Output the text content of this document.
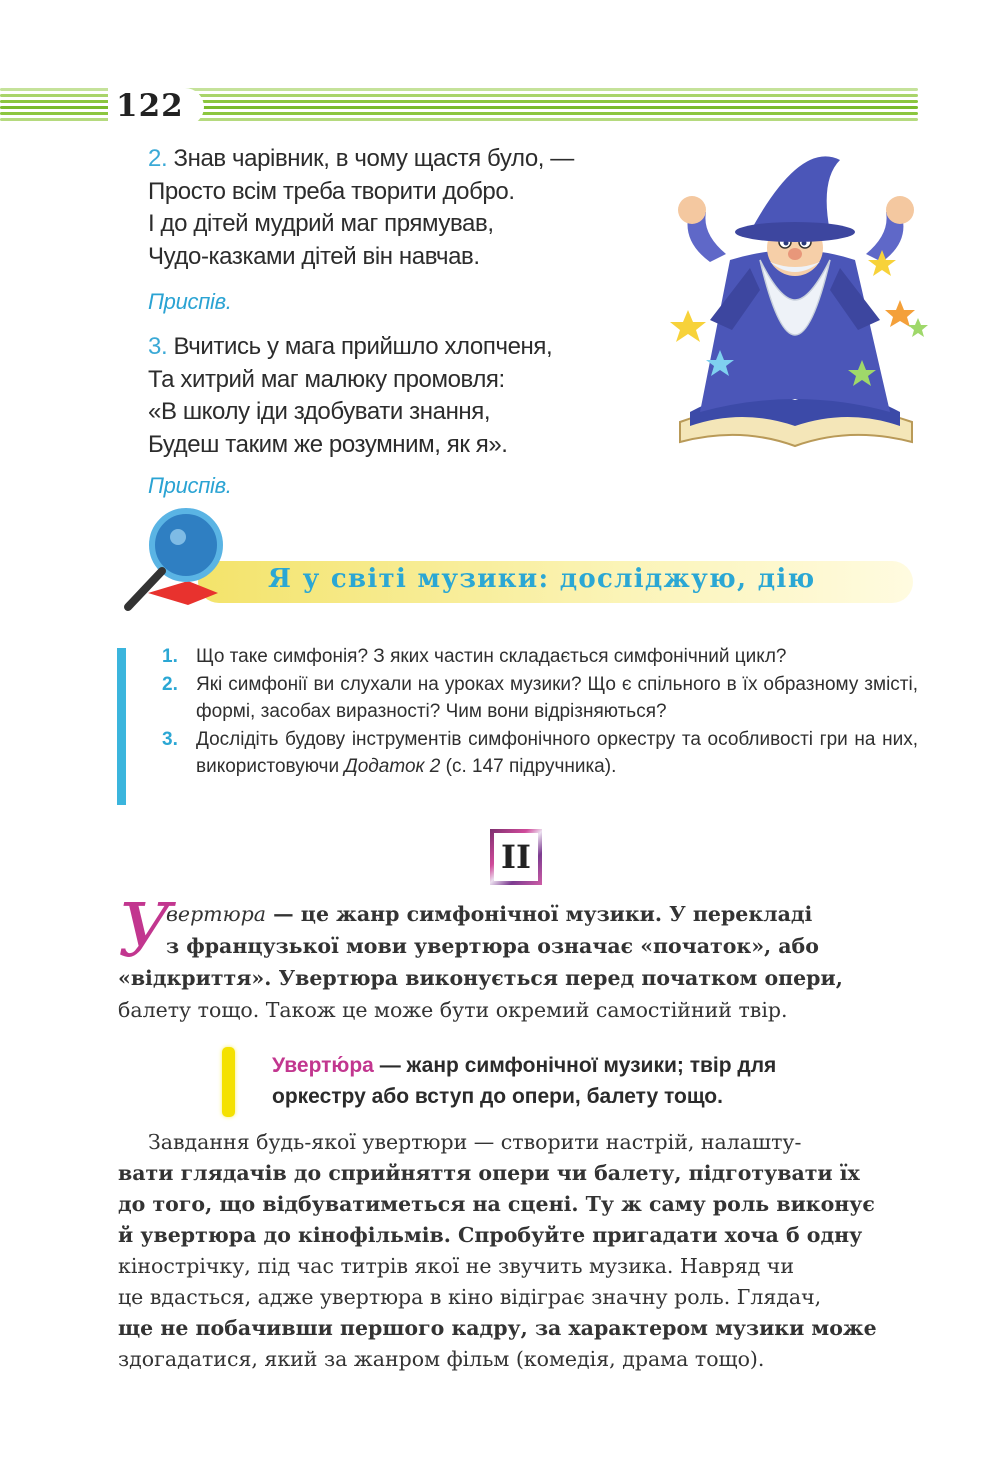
122
2. Знав чарівник, в чому щастя було, —
Просто всім треба творити добро.
І до дітей мудрий маг прямував,
Чудо-казками дітей він навчав.
Приспів.
3. Вчитись у мага прийшло хлопченя,
Та хитрий маг малюку промовля:
«В школу іди здобувати знання,
Будеш таким же розумним, як я».
Приспів.
Я у світі музики: досліджую, дію
1. Що таке симфонія? З яких частин складається симфонічний цикл?
2. Які симфонії ви слухали на уроках музики? Що є спільного в їх образному змісті, формі, засобах виразності? Чим вони відрізняються?
3. Дослідіть будову інструментів симфонічного оркестру та особливості гри на них, використовуючи Додаток 2 (с. 147 підручника).
II
У
вертюра — це жанр симфонічної музики. У перекладі
з французької мови увертюра означає «початок», або
«відкриття». Увертюра виконується перед початком опери,
балету тощо. Також це може бути окремий самостійний твір.
Увертю́ра — жанр симфонічної музики; твір для
оркестру або вступ до опери, балету тощо.
Завдання будь-якої увертюри — створити настрій, налашту-
вати глядачів до сприйняття опери чи балету, підготувати їх
до того, що відбуватиметься на сцені. Ту ж саму роль виконує
й увертюра до кінофільмів. Спробуйте пригадати хоча б одну
кінострічку, під час титрів якої не звучить музика. Навряд чи
це вдасться, адже увертюра в кіно відіграє значну роль. Глядач,
ще не побачивши першого кадру, за характером музики може
здогадатися, який за жанром фільм (комедія, драма тощо).
